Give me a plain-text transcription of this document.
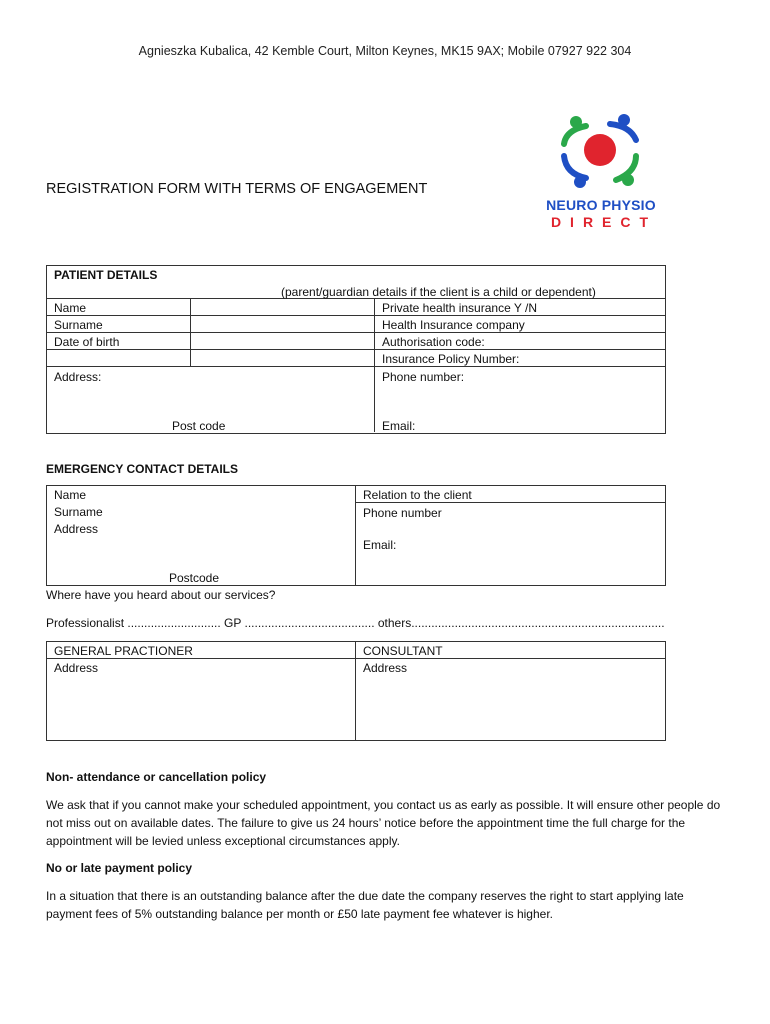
Agnieszka Kubalica, 42 Kemble Court, Milton Keynes, MK15 9AX; Mobile 07927 922 304
REGISTRATION FORM WITH TERMS OF ENGAGEMENT
NEURO PHYSIO
DIRECT
PATIENT DETAILS
(parent/guardian details if the client is a child or dependent)
Name
Surname
Date of birth
Address:
Post code
Private health insurance Y /N
Health Insurance company
Authorisation code:
Insurance Policy Number:
Phone number:
Email:
EMERGENCY CONTACT DETAILS
Name
Surname
Address
Postcode
Relation to the client
Phone number
Email:
Where have you heard about our services?
Professionalist ............................ GP ....................................... others............................................................................
GENERAL PRACTIONER
Address
CONSULTANT
Address
Non- attendance or cancellation policy
We ask that if you cannot make your scheduled appointment, you contact us as early as possible. It will ensure other people do not miss out on available dates. The failure to give us 24 hours’ notice before the appointment time the full charge for the appointment will be levied unless exceptional circumstances apply.
No or late payment policy
In a situation that there is an outstanding balance after the due date the company reserves the right to start applying late payment fees of 5% outstanding balance per month or £50 late payment fee whatever is higher.
